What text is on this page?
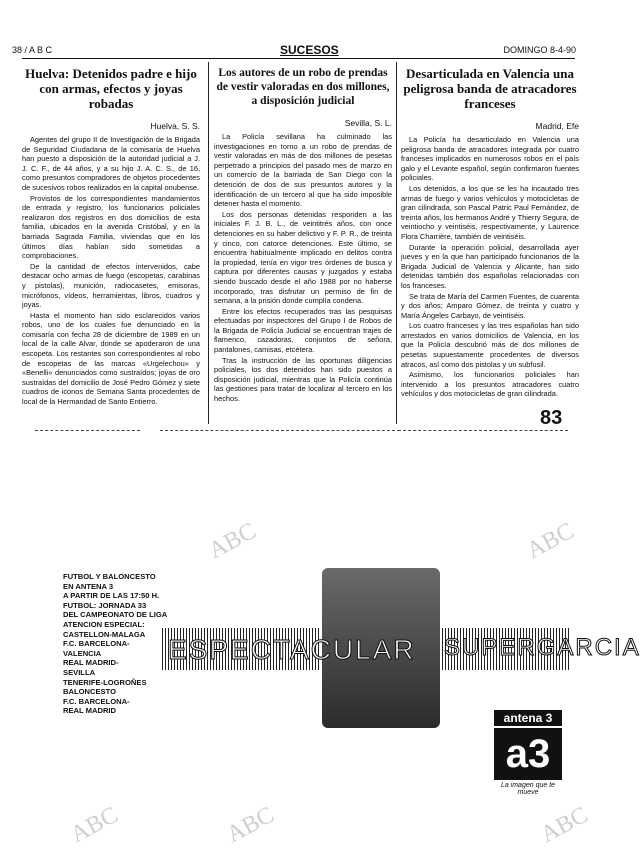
38 / A B C	SUCESOS	DOMINGO 8-4-90
Huelva: Detenidos padre e hijo con armas, efectos y joyas robadas
Huelva, S. S.

Agentes del grupo II de Investigación de la Brigada de Seguridad Ciudadana de la comisaría de Huelva han puesto a disposición de la autoridad judicial a J. J. C. F., de 44 años, y a su hijo J. A. C. S., de 16, como presuntos compradores de objetos procedentes de sucesivos robos realizados en la capital onubense.

Provistos de los correspondientes mandamientos de entrada y registro, los funcionarios policiales realizaron dos registros en dos domicilios de esta familia, ubicados en la avenida Cristóbal, y en la barriada Sagrada Familia, viviendas que en los últimos días habían sido sometidas a comprobaciones.

De la cantidad de efectos intervenidos, cabe destacar ocho armas de fuego (escopetas, carabinas y pistolas), munición, radiocasetes, emisoras, micrófonos, vídeos, herramientas, libros, cuadros y joyas.

Hasta el momento han sido esclarecidos varios robos, uno de los cuales fue denunciado en la comisaría con fecha 28 de diciembre de 1989 en un local de la calle Alvar, donde se apoderaron de una escopeta. Los restantes son correspondientes al robo de escopetas de las marcas «Urgelechou» y «Benelli» denunciados como sustraídos; joyas de oro sustraídas del domicilio de José Pedro Gómez y siete cuadros de iconos de Semana Santa procedentes de local de la Hermandad de Santo Entierro.

Los autores de un robo de prendas de vestir valoradas en dos millones, a disposición judicial
Sevilla, S. L.

La Policía sevillana ha culminado las investigaciones en torno a un robo de prendas de vestir valoradas en más de dos millones de pesetas perpetrado a principios del pasado mes de marzo en un comercio de la barriada de San Diego con la detención de dos de sus presuntos autores y la identificación de un tercero al que ha sido imposible detener hasta el momento.

Los dos personas detenidas responden a las iniciales F. J. B. L., de veintitrés años, con once detenciones en su haber delictivo y F. P. R., de treinta y cinco, con catorce detenciones. Este último, se encuentra habitualmente implicado en delitos contra la propiedad, tenía en vigor tres órdenes de busca y captura por diferentes causas y juzgados y estaba siendo buscado desde el año 1988 por no haberse incorporado, tras disfrutar un permiso de fin de semana, a la prisión donde cumplía condena.

Entre los efectos recuperados tras las pesquisas efectuadas por inspectores del Grupo I de Robos de la Brigada de Policía Judicial se encuentran trajes de flamenco, cazadoras, conjuntos de señora, pantalones, camisas, etcétera.

Tras la instrucción de las oportunas diligencias policiales, los dos detenidos han sido puestos a disposición judicial, mientras que la Policía continúa las gestiones para tratar de localizar al tercero en los hechos.

Desarticulada en Valencia una peligrosa banda de atracadores franceses
Madrid, Efe

La Policía ha desarticulado en Valencia una peligrosa banda de atracadores integrada por cuatro franceses implicados en numerosos robos en el país galo y el Levante español, según confirmaron fuentes policiales.

Los detenidos, a los que se les ha incautado tres armas de fuego y varios vehículos y motocicletas de gran cilindrada, son Pascal Patric Paul Fernández, de treinta años, los hermanos André y Thierry Segura, de veintiocho y veintiséis, respectivamente, y Laurence Flora Charrière, también de veintiséis.

Durante la operación policial, desarrollada ayer jueves y en la que han participado funcionarios de la Brigada Judicial de Valencia y Alicante, han sido detenidas también dos españolas relacionadas con los franceses.

Se trata de María del Carmen Fuentes, de cuarenta y dos años; Amparo Gómez, de treinta y cuatro y María Ángeles Carbayo, de veintiséis.

Los cuatro franceses y las tres españolas han sido arrestados en varios domicilios de Valencia, en los que la Policía descubrió más de dos millones de pesetas supuestamente procedentes de diversos atracos, así como dos pistolas y un subfusil.

Asimismo, los funcionarios policiales han intervenido a los presuntos atracadores cuatro vehículos y dos motocicletas de gran cilindrada.

83
ABC	ABC
ABC	ABC	ABC
FUTBOL Y BALONCESTO
EN ANTENA 3
A PARTIR DE LAS 17:50 H.
FUTBOL: JORNADA 33
DEL CAMPEONATO DE LIGA
ATENCION ESPECIAL:
CASTELLON-MALAGA
F.C. BARCELONA-
VALENCIA
REAL MADRID-
SEVILLA
TENERIFE-LOGROÑES
BALONCESTO
F.C. BARCELONA-
REAL MADRID
ESPECTACULAR SUPERGARCIA
antena 3
a3
La imagen que te mueve
